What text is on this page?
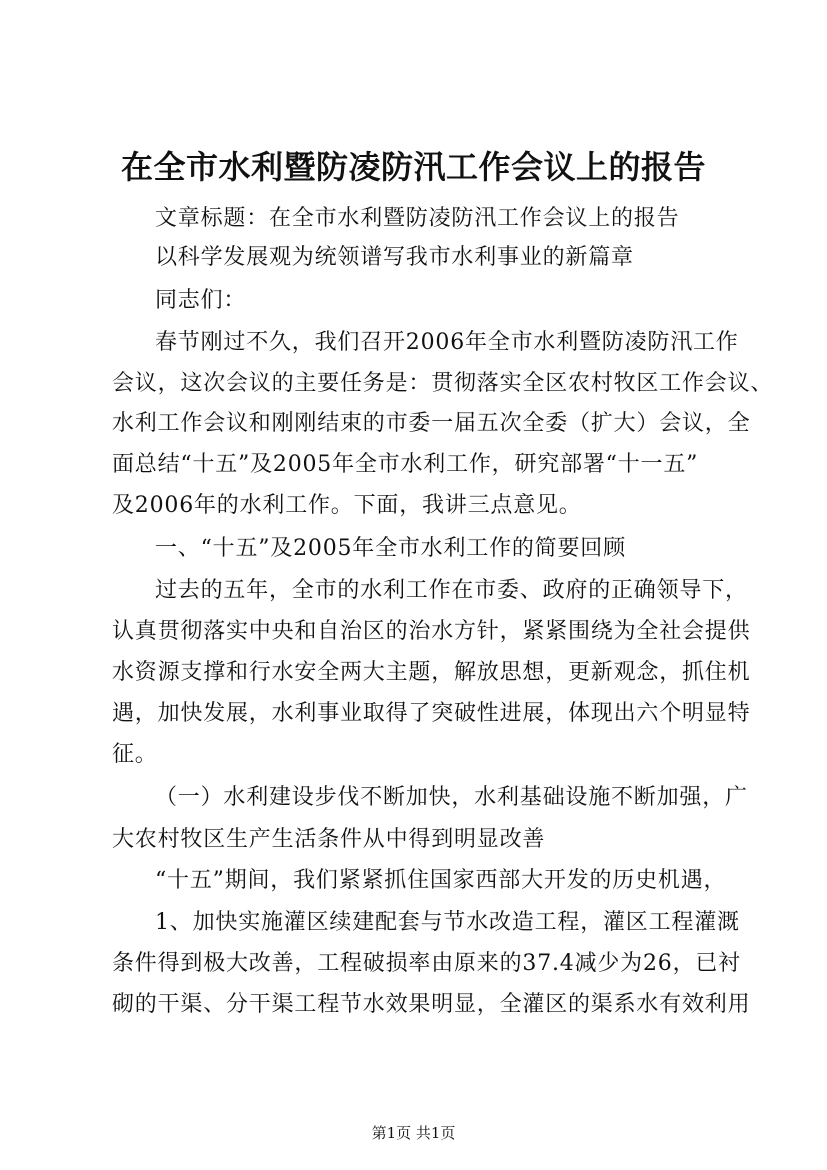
在全市水利暨防凌防汛工作会议上的报告
文章标题：在全市水利暨防凌防汛工作会议上的报告
以科学发展观为统领谱写我市水利事业的新篇章
同志们：
春节刚过不久，我们召开2006年全市水利暨防凌防汛工作
会议，这次会议的主要任务是：贯彻落实全区农村牧区工作会议、
水利工作会议和刚刚结束的市委一届五次全委（扩大）会议，全
面总结“十五”及2005年全市水利工作，研究部署“十一五”
及2006年的水利工作。下面，我讲三点意见。
一、“十五”及2005年全市水利工作的简要回顾
过去的五年，全市的水利工作在市委、政府的正确领导下，
认真贯彻落实中央和自治区的治水方针，紧紧围绕为全社会提供
水资源支撑和行水安全两大主题，解放思想，更新观念，抓住机
遇，加快发展，水利事业取得了突破性进展，体现出六个明显特
征。
（一）水利建设步伐不断加快，水利基础设施不断加强，广
大农村牧区生产生活条件从中得到明显改善
“十五”期间，我们紧紧抓住国家西部大开发的历史机遇，
1、加快实施灌区续建配套与节水改造工程，灌区工程灌溉
条件得到极大改善，工程破损率由原来的37.4减少为26，已衬
砌的干渠、分干渠工程节水效果明显，全灌区的渠系水有效利用
第1页 共1页
